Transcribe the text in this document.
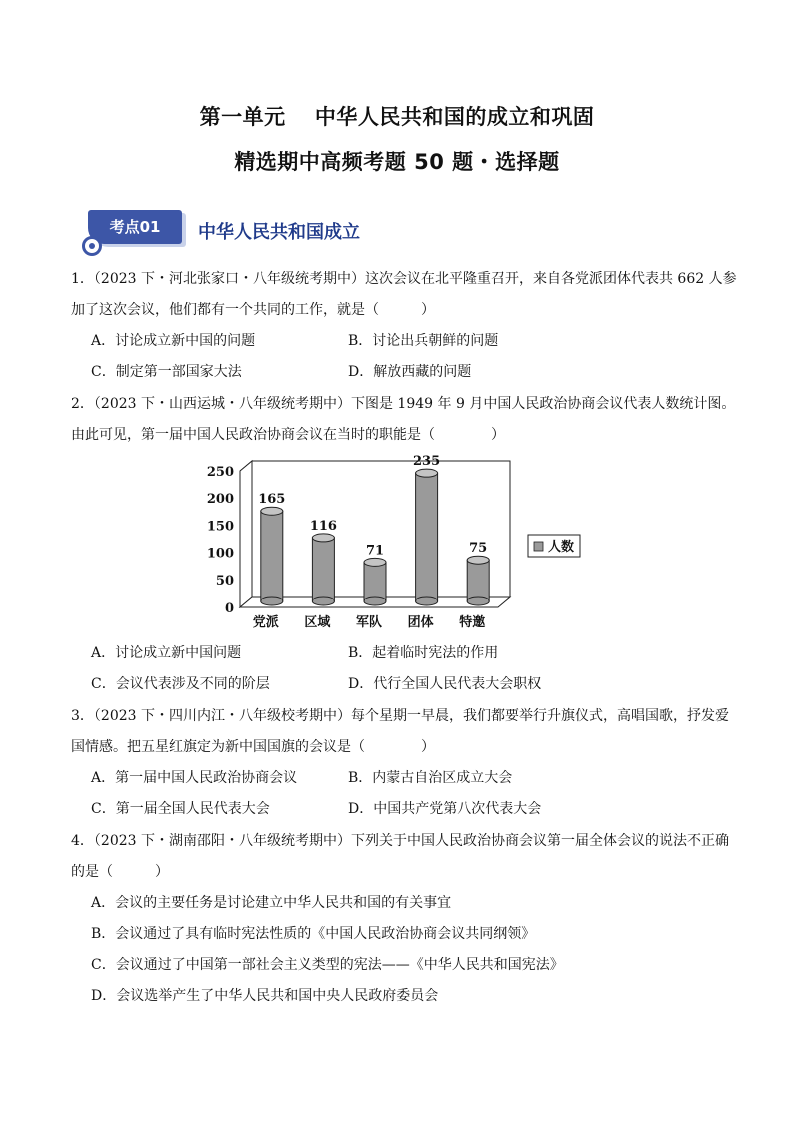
第一单元　 中华人民共和国的成立和巩固
精选期中高频考题 50 题・选择题
考点01	中华人民共和国成立
1．（2023 下・河北张家口・八年级统考期中）这次会议在北平隆重召开，来自各党派团体代表共 662 人参
加了这次会议，他们都有一个共同的工作，就是（　　　）
A．讨论成立新中国的问题	B．讨论出兵朝鲜的问题
C．制定第一部国家大法	D．解放西藏的问题
2．（2023 下・山西运城・八年级统考期中）下图是 1949 年 9 月中国人民政治协商会议代表人数统计图。
由此可见，第一届中国人民政治协商会议在当时的职能是（　　　　）
0
50
100
150
200
250
165
116
71
235
75
党派 区域 军队 团体 特邀
人数
A．讨论成立新中国问题	B．起着临时宪法的作用
C．会议代表涉及不同的阶层	D．代行全国人民代表大会职权
3．（2023 下・四川内江・八年级校考期中）每个星期一早晨，我们都要举行升旗仪式，高唱国歌，抒发爱
国情感。把五星红旗定为新中国国旗的会议是（　　　　）
A．第一届中国人民政治协商会议	B．内蒙古自治区成立大会
C．第一届全国人民代表大会	D．中国共产党第八次代表大会
4．（2023 下・湖南邵阳・八年级统考期中）下列关于中国人民政治协商会议第一届全体会议的说法不正确
的是（　　　）
A．会议的主要任务是讨论建立中华人民共和国的有关事宜
B．会议通过了具有临时宪法性质的《中国人民政治协商会议共同纲领》
C．会议通过了中国第一部社会主义类型的宪法——《中华人民共和国宪法》
D．会议选举产生了中华人民共和国中央人民政府委员会
